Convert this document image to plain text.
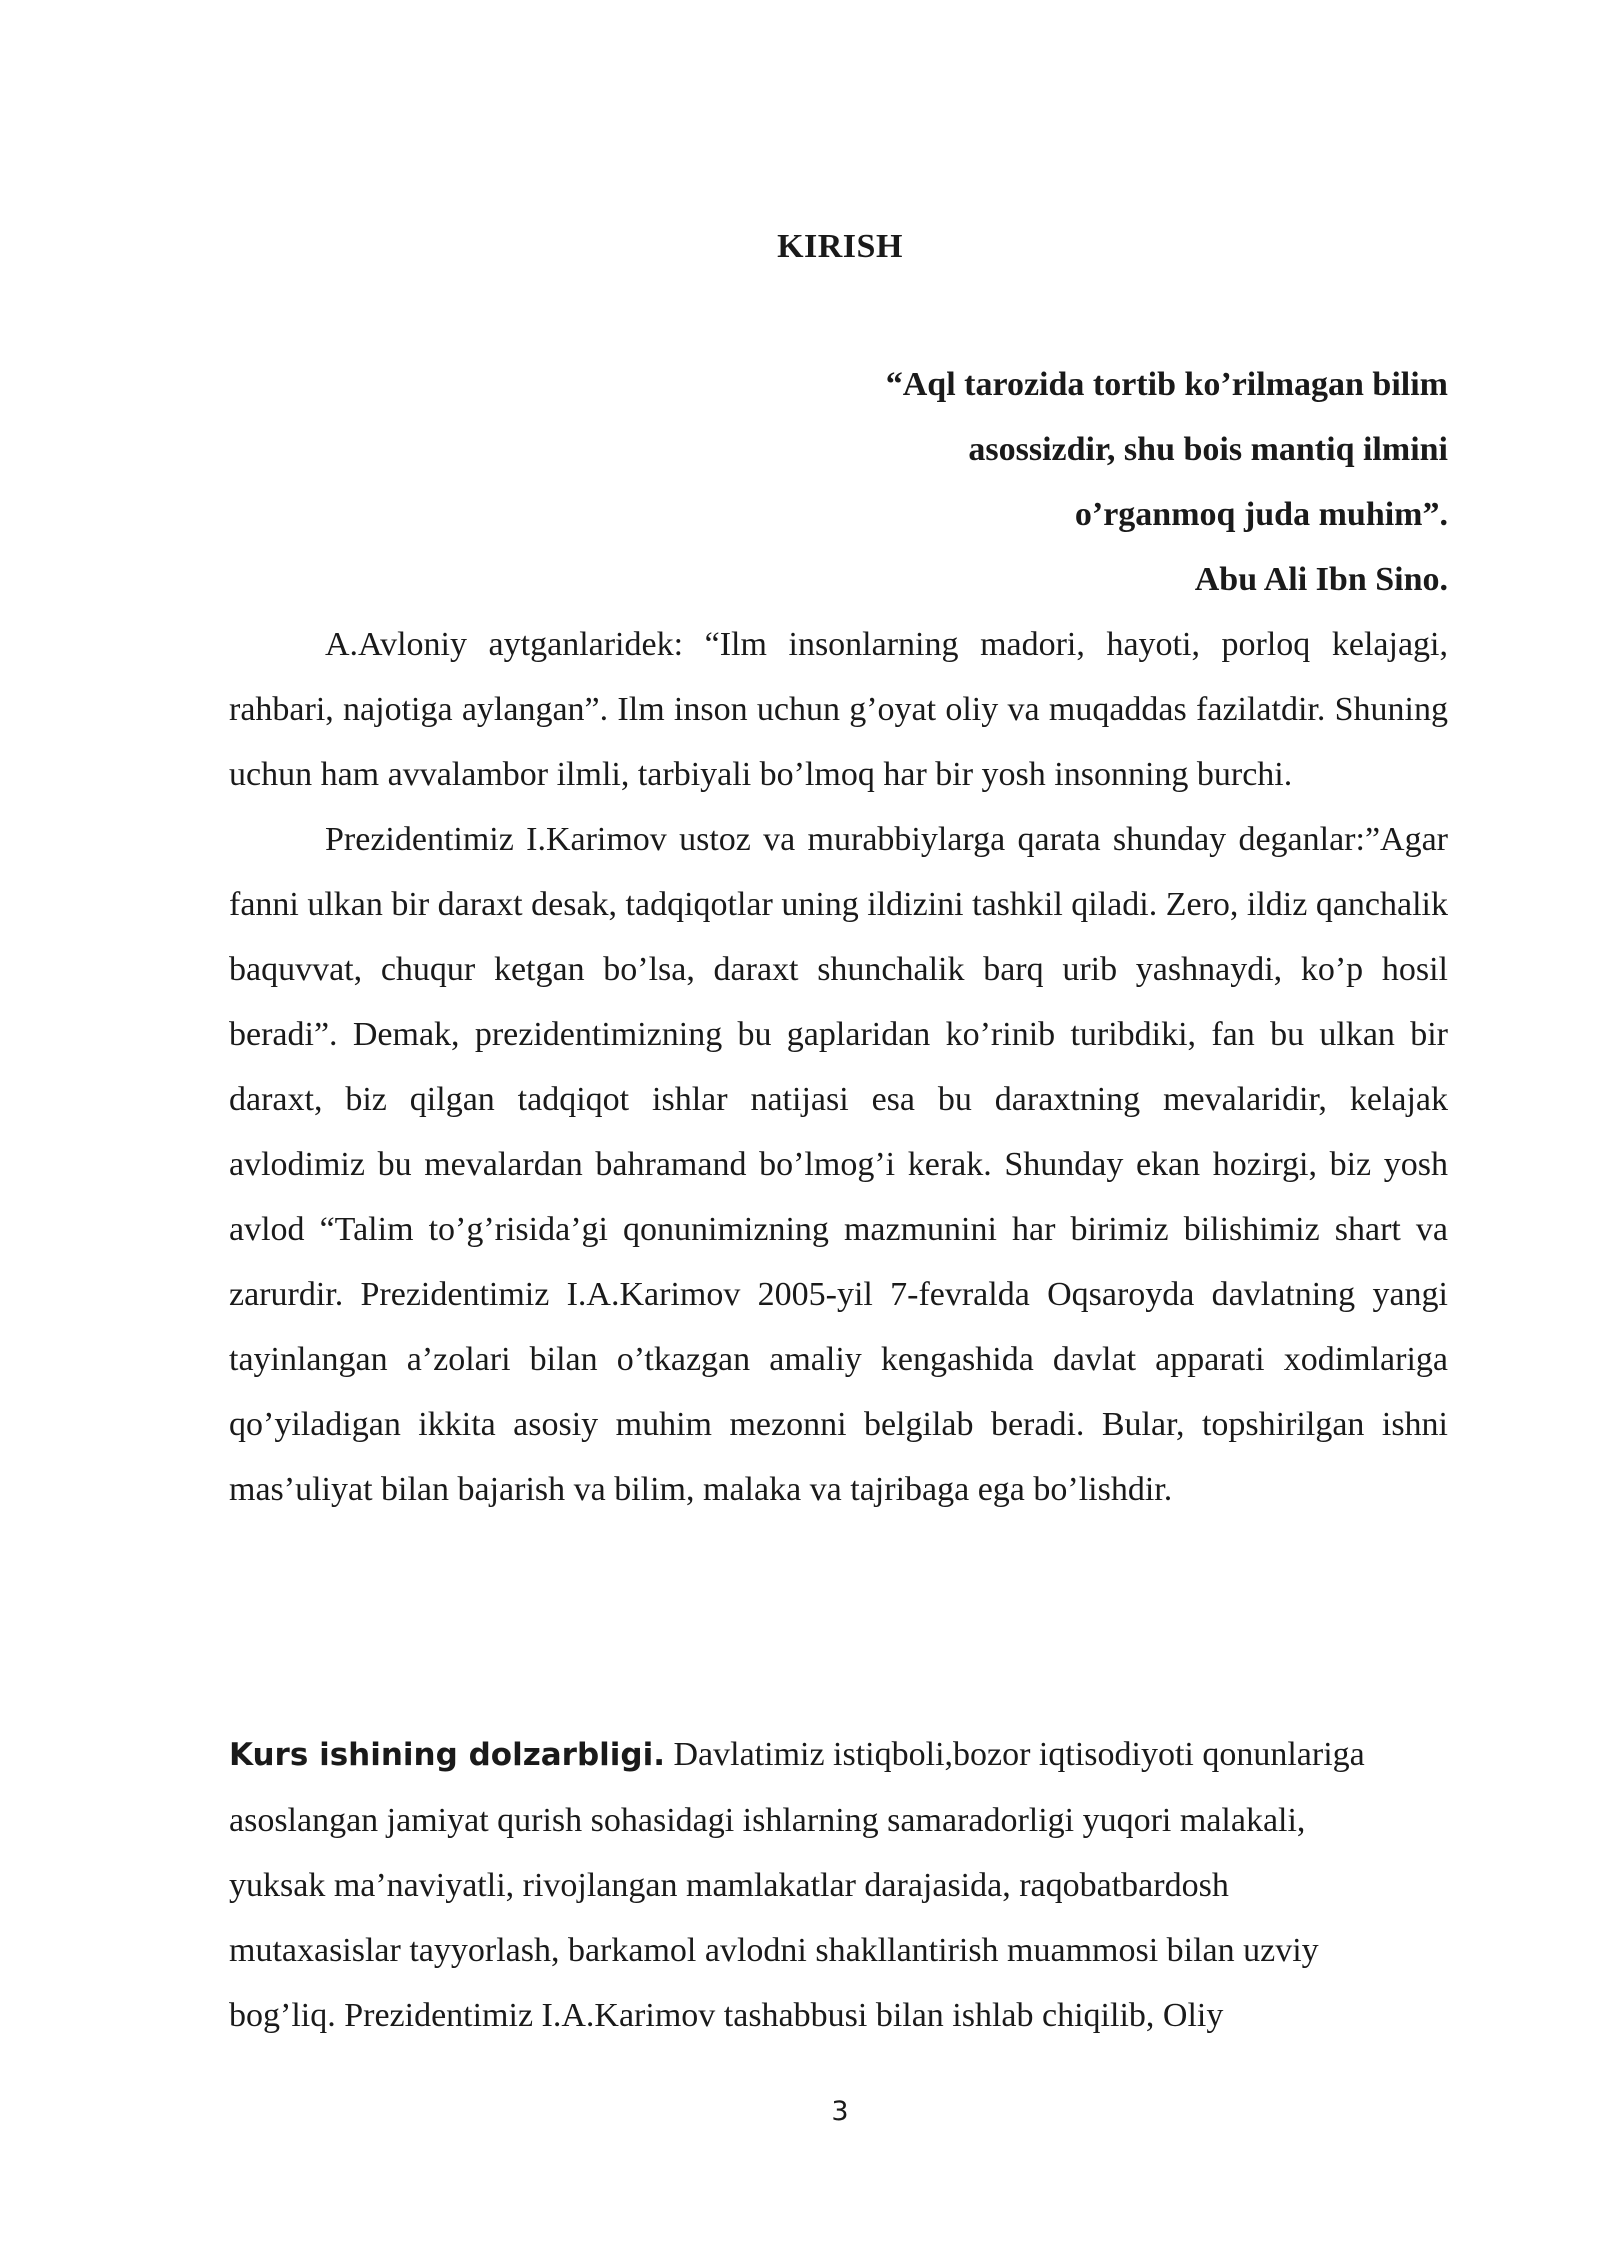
KIRISH
“Aql tarozida tortib ko’rilmagan bilim
asossizdir, shu bois mantiq ilmini
o’rganmoq juda muhim”.
Abu Ali Ibn Sino.

A.Avloniy aytganlaridek: “Ilm insonlarning madori, hayoti, porloq kelajagi, rahbari, najotiga aylangan”. Ilm inson uchun g’oyat oliy va muqaddas fazilatdir. Shuning uchun ham avvalambor ilmli, tarbiyali bo’lmoq har bir yosh insonning burchi.

Prezidentimiz I.Karimov ustoz va murabbiylarga qarata shunday deganlar:”Agar fanni ulkan bir daraxt desak, tadqiqotlar uning ildizini tashkil qiladi. Zero, ildiz qanchalik baquvvat, chuqur ketgan bo’lsa, daraxt shunchalik barq urib yashnaydi, ko’p hosil beradi”. Demak, prezidentimizning bu gaplaridan ko’rinib turibdiki, fan bu ulkan bir daraxt, biz qilgan tadqiqot ishlar natijasi esa bu daraxtning mevalaridir, kelajak avlodimiz bu mevalardan bahramand bo’lmog’i kerak. Shunday ekan hozirgi, biz yosh avlod “Talim to’g’risida’gi qonunimizning mazmunini har birimiz bilishimiz shart va zarurdir. Prezidentimiz I.A.Karimov 2005-yil 7-fevralda Oqsaroyda davlatning yangi tayinlangan a’zolari bilan o’tkazgan amaliy kengashida davlat apparati xodimlariga qo’yiladigan ikkita asosiy muhim mezonni belgilab beradi. Bular, topshirilgan ishni mas’uliyat bilan bajarish va bilim, malaka va tajribaga ega bo’lishdir.

Kurs ishining dolzarbligi. Davlatimiz istiqboli,bozor iqtisodiyoti qonunlariga

asoslangan jamiyat qurish sohasidagi ishlarning samaradorligi yuqori malakali,

yuksak ma’naviyatli, rivojlangan mamlakatlar darajasida, raqobatbardosh

mutaxasislar tayyorlash, barkamol avlodni shakllantirish muammosi bilan uzviy

bog’liq. Prezidentimiz I.A.Karimov tashabbusi bilan ishlab chiqilib, Oliy

3
